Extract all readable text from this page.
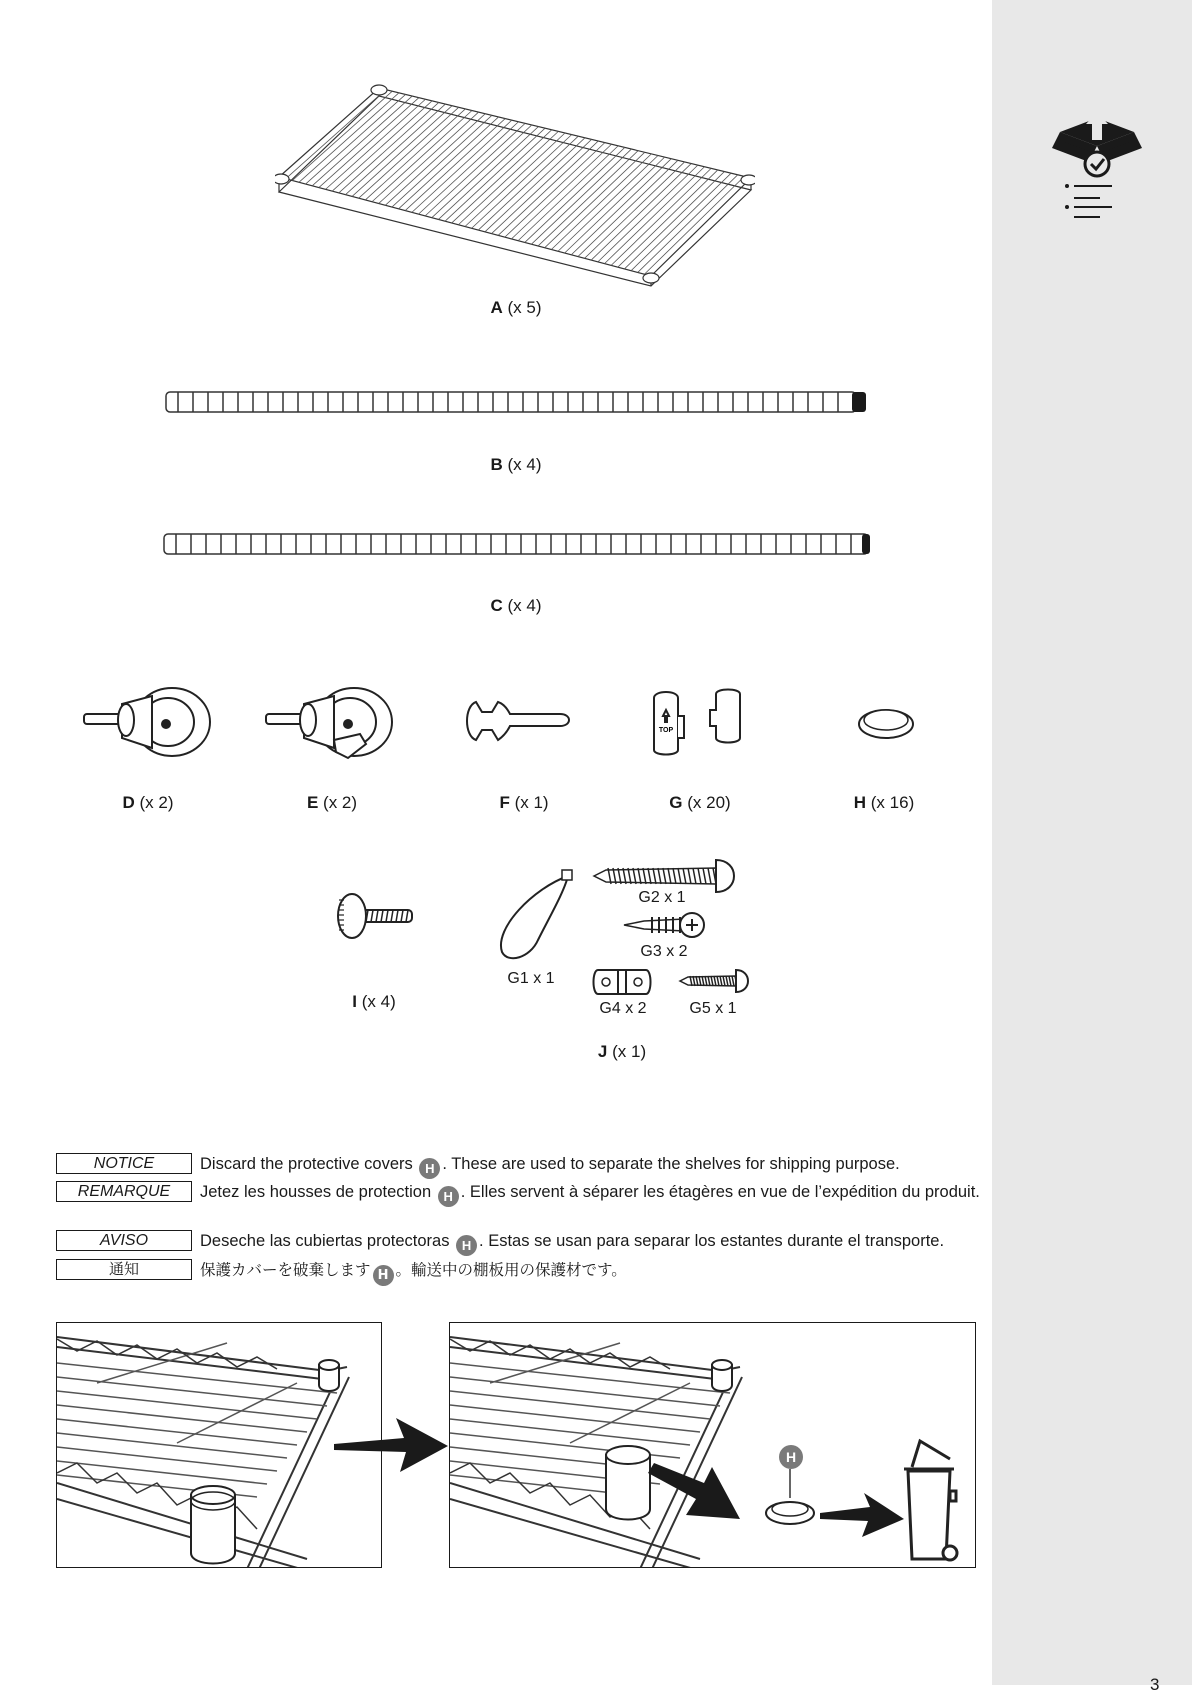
3
A (x 5)
B (x 4)
C (x 4)
D (x 2)	E (x 2)	F (x 1)
TOP
G (x 20)	H (x 16)
I (x 4)
G1 x 1
G2 x 1
G3 x 2
G4 x 2	G5 x 1
J (x 1)
NOTICE	Discard the protective covers H . These are used to separate the shelves for shipping purpose.
REMARQUE	Jetez les housses de protection H . Elles servent à séparer les étagères en vue de l’expédition du produit.
AVISO	Deseche las cubiertas protectoras H . Estas se usan para separar los estantes durante el transporte.
通知	保護カバーを破棄します H 。輸送中の棚板用の保護材です。
H
